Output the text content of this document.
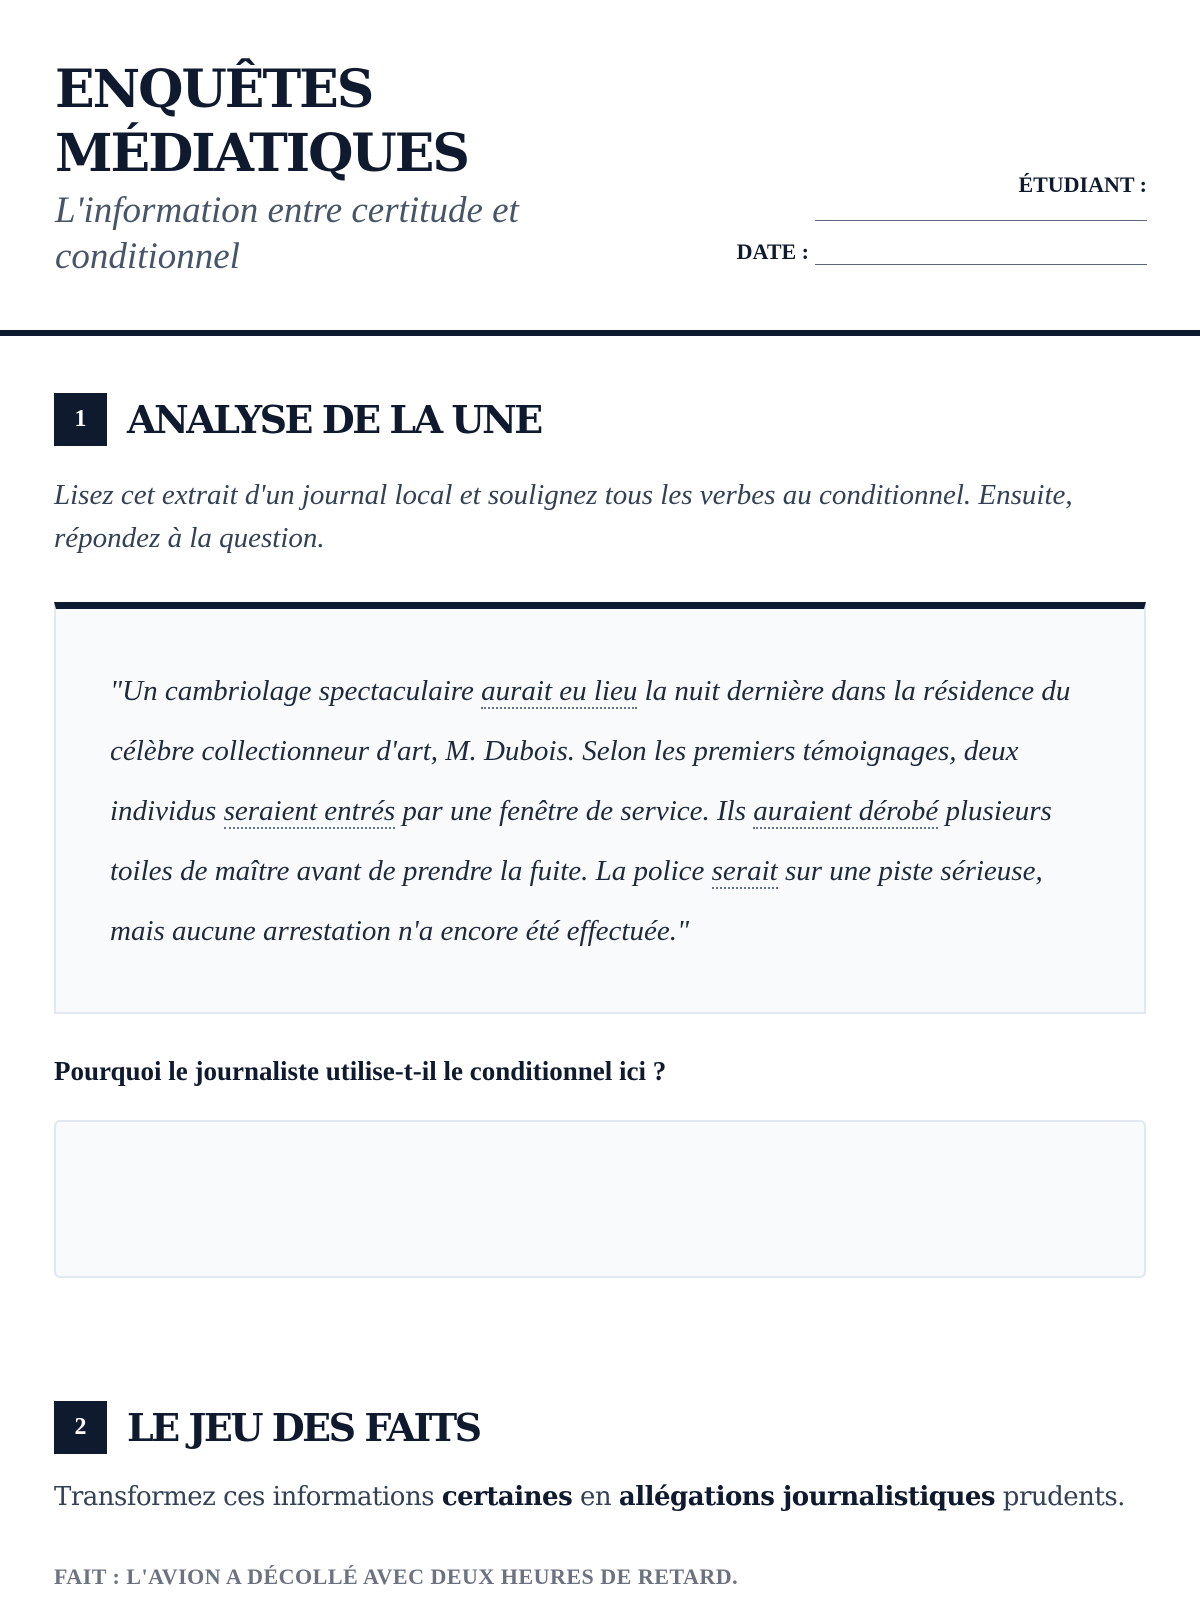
ENQUÊTES
MÉDIATIQUES
L'information entre certitude et conditionnel
ÉTUDIANT :
DATE :
1	ANALYSE DE LA UNE
Lisez cet extrait d'un journal local et soulignez tous les verbes au conditionnel. Ensuite, répondez à la question.

"Un cambriolage spectaculaire aurait eu lieu la nuit dernière dans la résidence du célèbre collectionneur d'art, M. Dubois. Selon les premiers témoignages, deux individus seraient entrés par une fenêtre de service. Ils auraient dérobé plusieurs toiles de maître avant de prendre la fuite. La police serait sur une piste sérieuse, mais aucune arrestation n'a encore été effectuée."

Pourquoi le journaliste utilise-t-il le conditionnel ici ?
2	LE JEU DES FAITS
Transformez ces informations certaines en allégations journalistiques prudents.
FAIT : L'AVION A DÉCOLLÉ AVEC DEUX HEURES DE RETARD.
